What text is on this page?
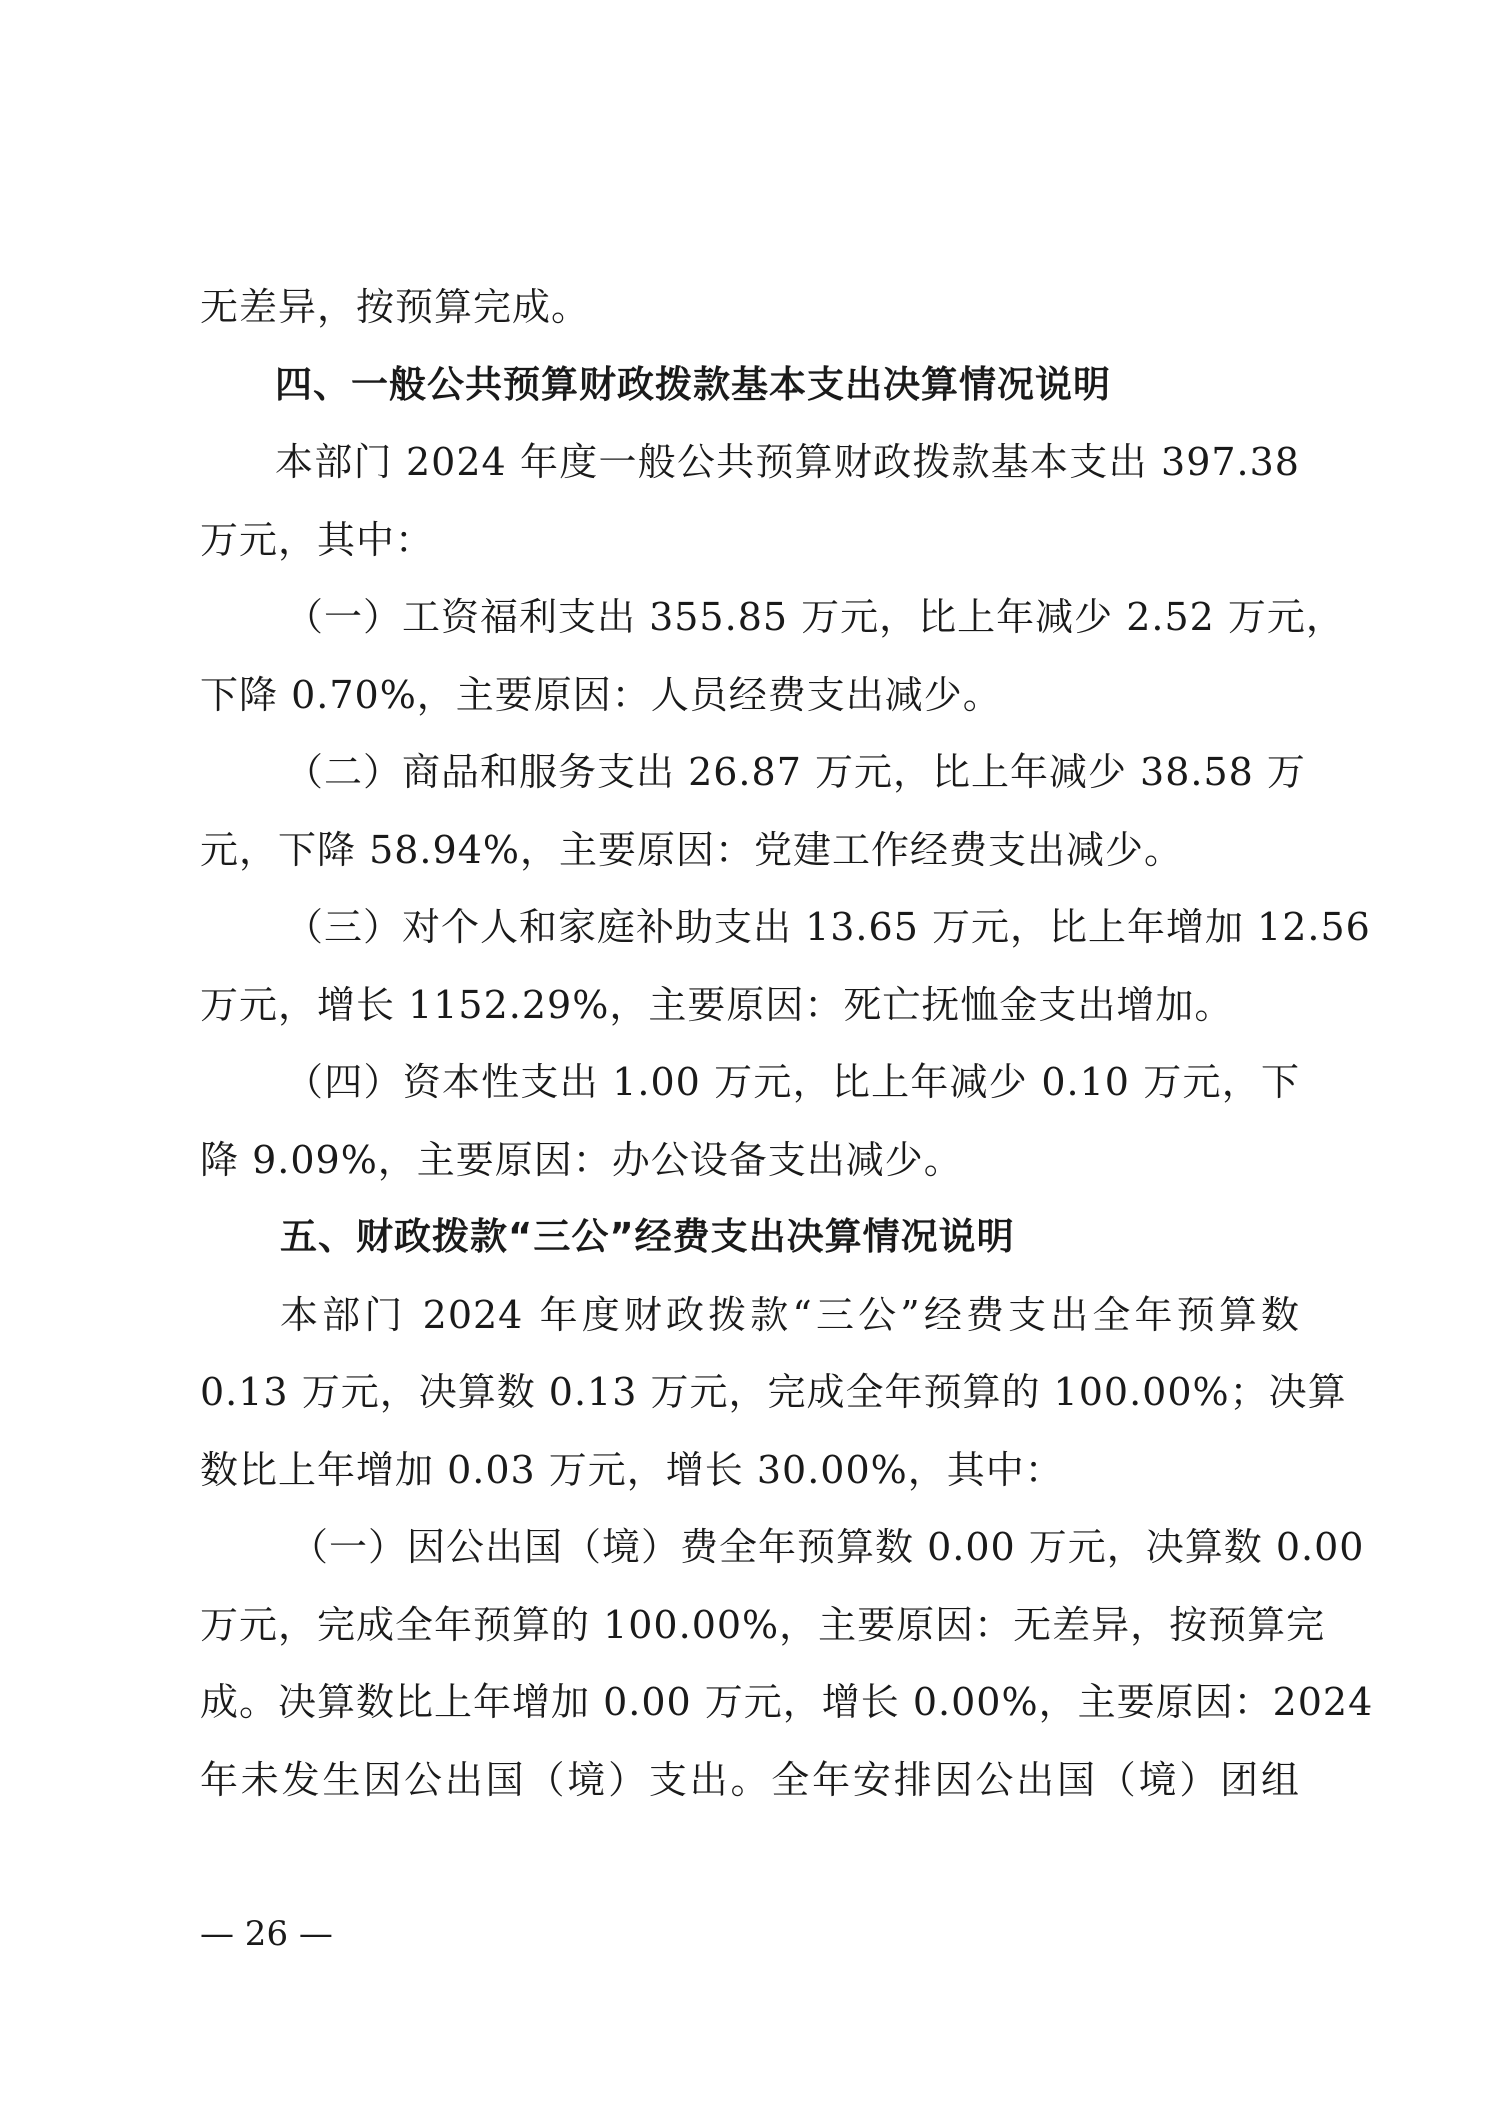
无差异，按预算完成。
四、一般公共预算财政拨款基本支出决算情况说明
本部门 2024 年度一般公共预算财政拨款基本支出 397.38
万元，其中：
（一）工资福利支出 355.85 万元，比上年减少 2.52 万元，
下降 0.70%，主要原因：人员经费支出减少。
（二）商品和服务支出 26.87 万元，比上年减少 38.58 万
元，下降 58.94%，主要原因：党建工作经费支出减少。
（三）对个人和家庭补助支出 13.65 万元，比上年增加 12.56
万元，增长 1152.29%，主要原因：死亡抚恤金支出增加。
（四）资本性支出 1.00 万元，比上年减少 0.10 万元，下
降 9.09%，主要原因：办公设备支出减少。
五、财政拨款“三公”经费支出决算情况说明
本部门 2024 年度财政拨款“三公”经费支出全年预算数
0.13 万元，决算数 0.13 万元，完成全年预算的 100.00%；决算
数比上年增加 0.03 万元，增长 30.00%，其中：
（一）因公出国（境）费全年预算数 0.00 万元，决算数 0.00
万元，完成全年预算的 100.00%，主要原因：无差异，按预算完
成。决算数比上年增加 0.00 万元，增长 0.00%，主要原因：2024
年未发生因公出国（境）支出。全年安排因公出国（境）团组
— 26 —
